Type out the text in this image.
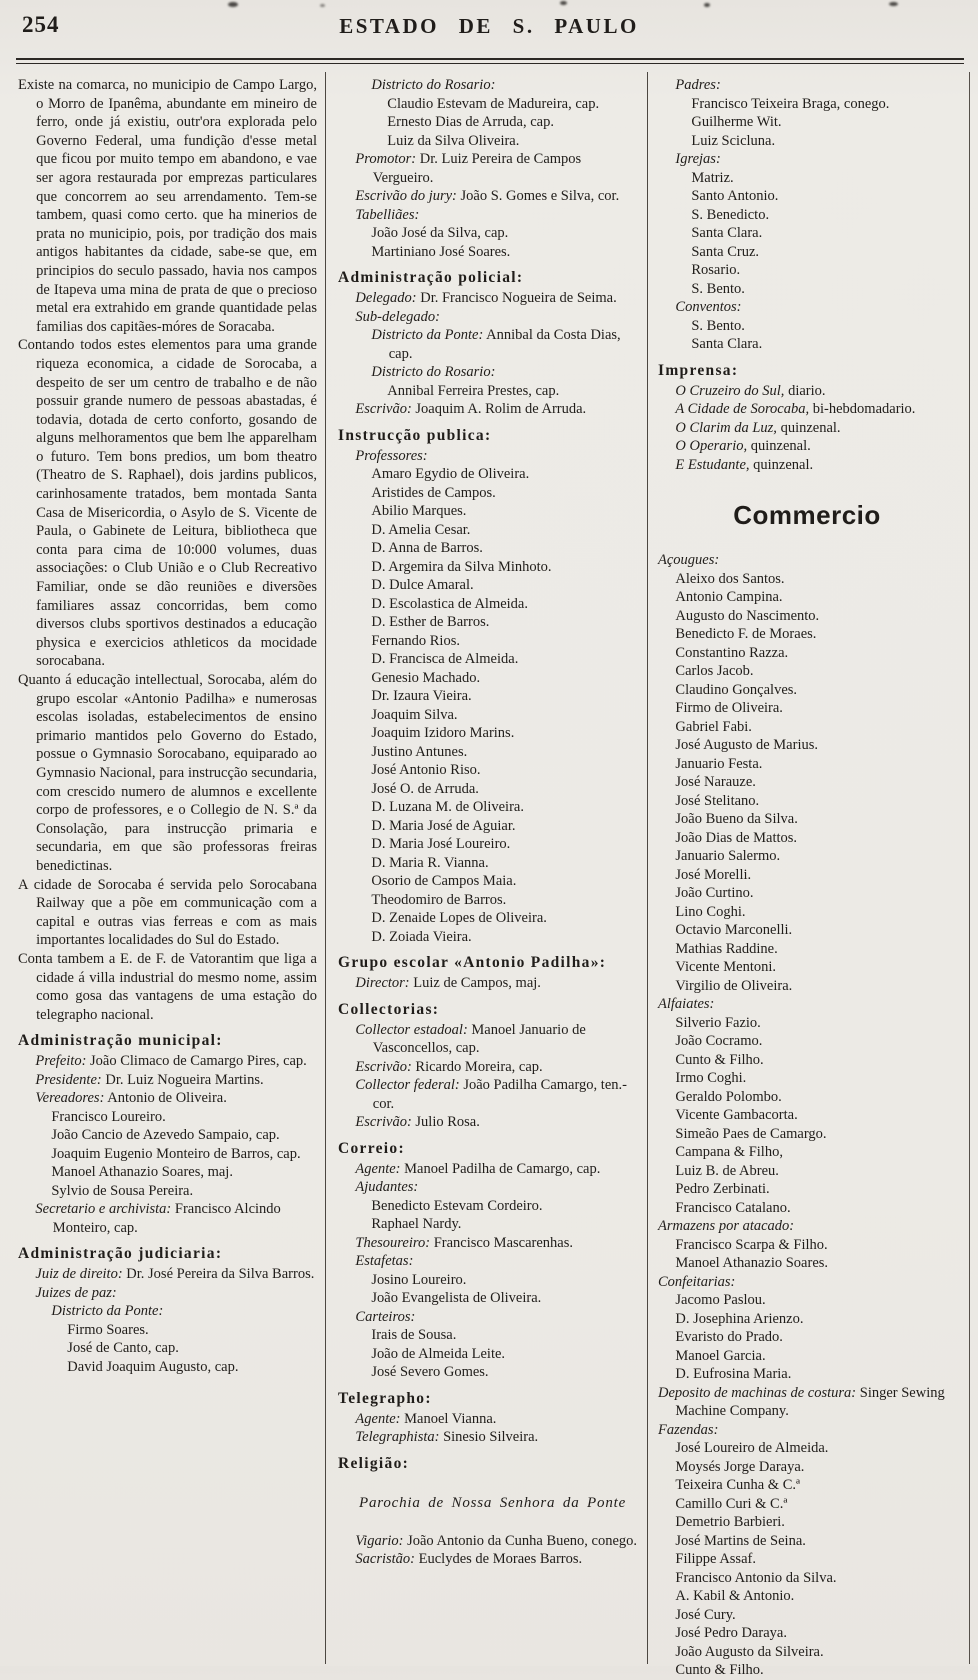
254	ESTADO DE S. PAULO
Existe na comarca, no municipio de Campo Largo, o Morro de Ipanêma, abundante em mineiro de ferro, onde já existiu, outr'ora explorada pelo Governo Federal, uma fundição d'esse metal que ficou por muito tempo em abandono, e vae ser agora restaurada por emprezas particulares que concorrem ao seu arrendamento. Tem-se tambem, quasi como certo. que ha minerios de prata no municipio, pois, por tradição dos mais antigos habitantes da cidade, sabe-se que, em principios do seculo passado, havia nos campos de Itapeva uma mina de prata de que o precioso metal era extrahido em grande quantidade pelas familias dos capitães-móres de Soracaba.
Contando todos estes elementos para uma grande riqueza economica, a cidade de Sorocaba, a despeito de ser um centro de trabalho e de não possuir grande numero de pessoas abastadas, é todavia, dotada de certo conforto, gosando de alguns melhoramentos que bem lhe apparelham o futuro. Tem bons predios, um bom theatro (Theatro de S. Raphael), dois jardins publicos, carinhosamente tratados, bem montada Santa Casa de Misericordia, o Asylo de S. Vicente de Paula, o Gabinete de Leitura, bibliotheca que conta para cima de 10:000 volumes, duas associações: o Club União e o Club Recreativo Familiar, onde se dão reuniões e diversões familiares assaz concorridas, bem como diversos clubs sportivos destinados a educação physica e exercicios athleticos da mocidade sorocabana.
Quanto á educação intellectual, Sorocaba, além do grupo escolar «Antonio Padilha» e numerosas escolas isoladas, estabelecimentos de ensino primario mantidos pelo Governo do Estado, possue o Gymnasio Sorocabano, equiparado ao Gymnasio Nacional, para instrucção secundaria, com crescido numero de alumnos e excellente corpo de professores, e o Collegio de N. S.ª da Consolação, para instrucção primaria e secundaria, em que são professoras freiras benedictinas.
A cidade de Sorocaba é servida pelo Sorocabana Railway que a põe em communicação com a capital e outras vias ferreas e com as mais importantes localidades do Sul do Estado.
Conta tambem a E. de F. de Vatorantim que liga a cidade á villa industrial do mesmo nome, assim como gosa das vantagens de uma estação do telegrapho nacional.
Administração municipal:
Prefeito: João Climaco de Camargo Pires, cap.
Presidente: Dr. Luiz Nogueira Martins.
Vereadores: Antonio de Oliveira.
Francisco Loureiro.
João Cancio de Azevedo Sampaio, cap.
Joaquim Eugenio Monteiro de Barros, cap.
Manoel Athanazio Soares, maj.
Sylvio de Sousa Pereira.
Secretario e archivista: Francisco Alcindo Monteiro, cap.
Administração judiciaria:
Juiz de direito: Dr. José Pereira da Silva Barros.
Juizes de paz:
Districto da Ponte:
Firmo Soares.
José de Canto, cap.
David Joaquim Augusto, cap.
Districto do Rosario:
Claudio Estevam de Madureira, cap.
Ernesto Dias de Arruda, cap.
Luiz da Silva Oliveira.
Promotor: Dr. Luiz Pereira de Campos Vergueiro.
Escrivão do jury: João S. Gomes e Silva, cor.
Tabelliães:
João José da Silva, cap.
Martiniano José Soares.
Administração policial:
Delegado: Dr. Francisco Nogueira de Seima.
Sub-delegado:
Districto da Ponte: Annibal da Costa Dias, cap.
Districto do Rosario:
Annibal Ferreira Prestes, cap.
Escrivão: Joaquim A. Rolim de Arruda.
Instrucção publica:
Professores:
Amaro Egydio de Oliveira.
Aristides de Campos.
Abilio Marques.
D. Amelia Cesar.
D. Anna de Barros.
D. Argemira da Silva Minhoto.
D. Dulce Amaral.
D. Escolastica de Almeida.
D. Esther de Barros.
Fernando Rios.
D. Francisca de Almeida.
Genesio Machado.
Dr. Izaura Vieira.
Joaquim Silva.
Joaquim Izidoro Marins.
Justino Antunes.
José Antonio Riso.
José O. de Arruda.
D. Luzana M. de Oliveira.
D. Maria José de Aguiar.
D. Maria José Loureiro.
D. Maria R. Vianna.
Osorio de Campos Maia.
Theodomiro de Barros.
D. Zenaide Lopes de Oliveira.
D. Zoiada Vieira.
Grupo escolar «Antonio Padilha»:
Director: Luiz de Campos, maj.
Collectorias:
Collector estadoal: Manoel Januario de Vasconcellos, cap.
Escrivão: Ricardo Moreira, cap.
Collector federal: João Padilha Camargo, ten.-cor.
Escrivão: Julio Rosa.
Correio:
Agente: Manoel Padilha de Camargo, cap.
Ajudantes:
Benedicto Estevam Cordeiro.
Raphael Nardy.
Thesoureiro: Francisco Mascarenhas.
Estafetas:
Josino Loureiro.
João Evangelista de Oliveira.
Carteiros:
Irais de Sousa.
João de Almeida Leite.
José Severo Gomes.
Telegrapho:
Agente: Manoel Vianna.
Telegraphista: Sinesio Silveira.
Religião:
Parochia de Nossa Senhora da Ponte
Vigario: João Antonio da Cunha Bueno, conego.
Sacristão: Euclydes de Moraes Barros.
Padres:
Francisco Teixeira Braga, conego.
Guilherme Wit.
Luiz Scicluna.
Igrejas:
Matriz.
Santo Antonio.
S. Benedicto.
Santa Clara.
Santa Cruz.
Rosario.
S. Bento.
Conventos:
S. Bento.
Santa Clara.
Imprensa:
O Cruzeiro do Sul, diario.
A Cidade de Sorocaba, bi-hebdomadario.
O Clarim da Luz, quinzenal.
O Operario, quinzenal.
E Estudante, quinzenal.
Commercio
Açougues:
Aleixo dos Santos.
Antonio Campina.
Augusto do Nascimento.
Benedicto F. de Moraes.
Constantino Razza.
Carlos Jacob.
Claudino Gonçalves.
Firmo de Oliveira.
Gabriel Fabi.
José Augusto de Marius.
Januario Festa.
José Narauze.
José Stelitano.
João Bueno da Silva.
João Dias de Mattos.
Januario Salermo.
José Morelli.
João Curtino.
Lino Coghi.
Octavio Marconelli.
Mathias Raddine.
Vicente Mentoni.
Virgilio de Oliveira.
Alfaiates:
Silverio Fazio.
João Cocramo.
Cunto & Filho.
Irmo Coghi.
Geraldo Polombo.
Vicente Gambacorta.
Simeão Paes de Camargo.
Campana & Filho,
Luiz B. de Abreu.
Pedro Zerbinati.
Francisco Catalano.
Armazens por atacado:
Francisco Scarpa & Filho.
Manoel Athanazio Soares.
Confeitarias:
Jacomo Paslou.
D. Josephina Arienzo.
Evaristo do Prado.
Manoel Garcia.
D. Eufrosina Maria.
Deposito de machinas de costura: Singer Sewing Machine Company.
Fazendas:
José Loureiro de Almeida.
Moysés Jorge Daraya.
Teixeira Cunha & C.ª
Camillo Curi & C.ª
Demetrio Barbieri.
José Martins de Seina.
Filippe Assaf.
Francisco Antonio da Silva.
A. Kabil & Antonio.
José Cury.
José Pedro Daraya.
João Augusto da Silveira.
Cunto & Filho.
